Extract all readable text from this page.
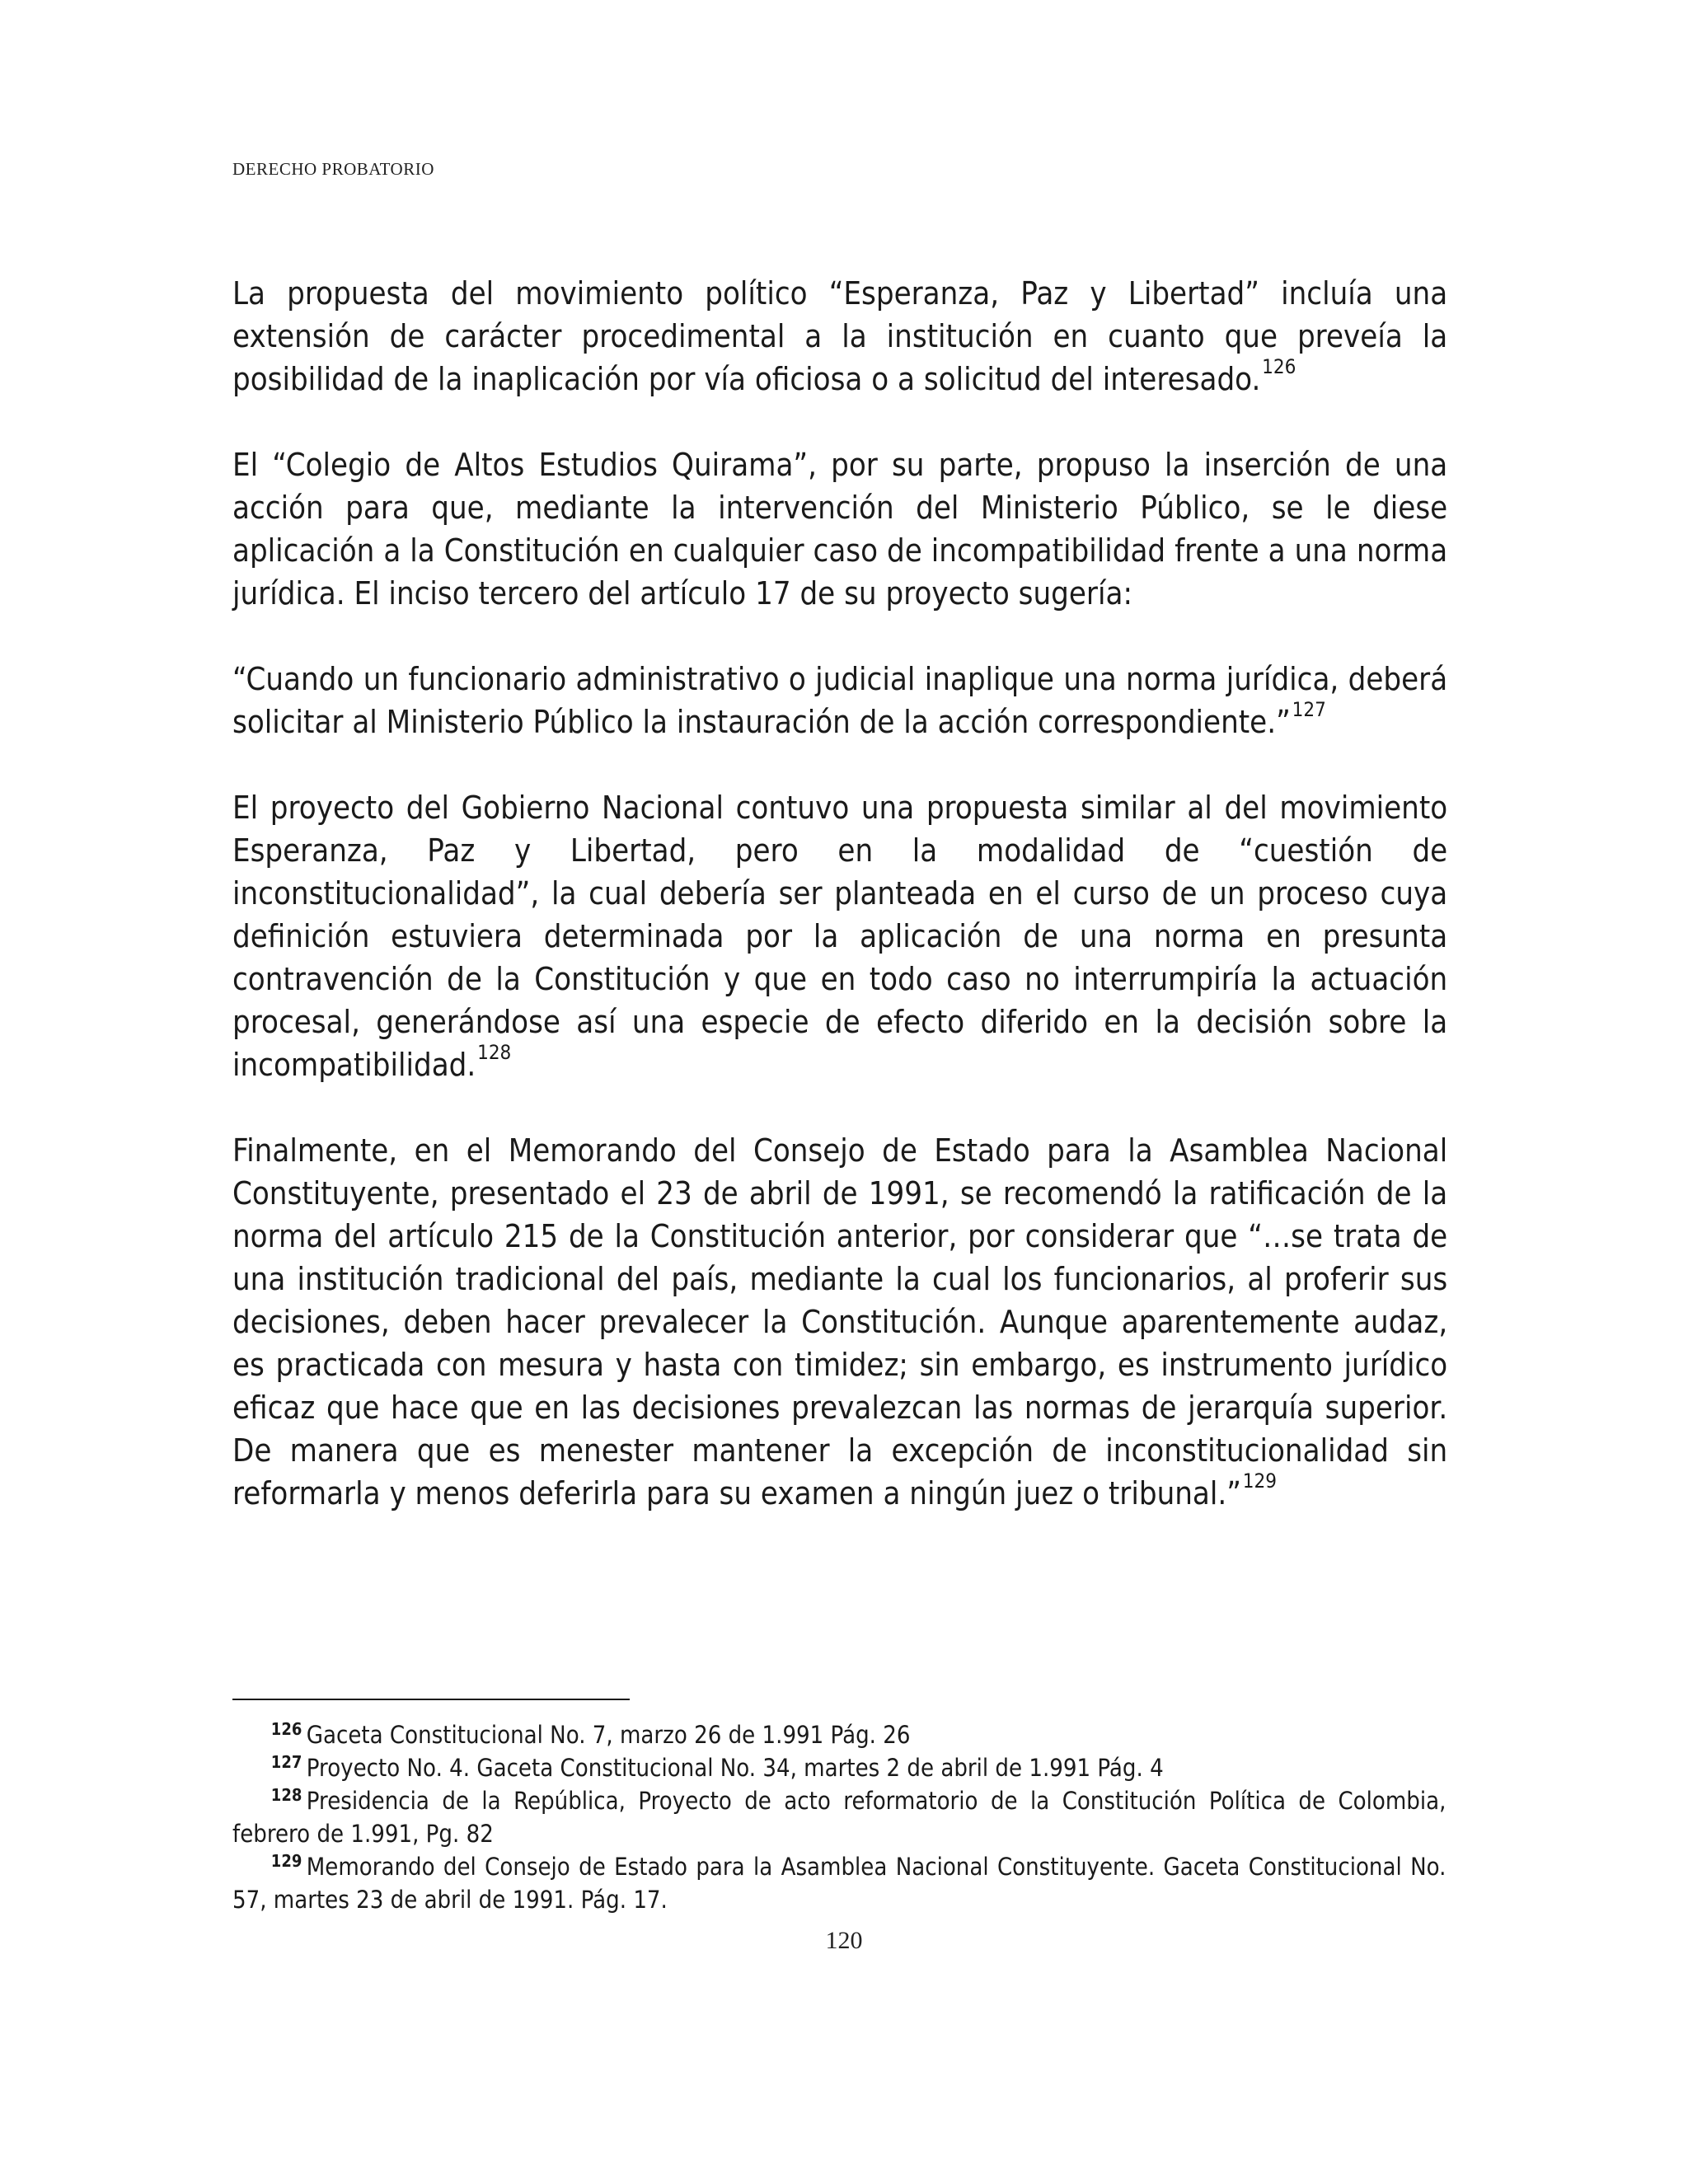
DERECHO PROBATORIO

La propuesta del movimiento político “Esperanza, Paz y Libertad” incluía una extensión de carácter procedimental a la institución en cuanto que preveía la posibilidad de la inaplicación por vía oficiosa o a solicitud del interesado.$^{126}$

El “Colegio de Altos Estudios Quirama”, por su parte, propuso la inserción de una acción para que, mediante la intervención del Ministerio Público, se le diese aplicación a la Constitución en cualquier caso de incompatibilidad frente a una norma jurídica. El inciso tercero del artículo 17 de su proyecto sugería:

“Cuando un funcionario administrativo o judicial inaplique una norma jurídica, deberá solicitar al Ministerio Público la instauración de la acción correspondiente.”$^{127}$

El proyecto del Gobierno Nacional contuvo una propuesta similar al del movimiento Esperanza, Paz y Libertad, pero en la modalidad de “cuestión de inconstitucionalidad”, la cual debería ser planteada en el curso de un proceso cuya definición estuviera determinada por la aplicación de una norma en presunta contravención de la Constitución y que en todo caso no interrumpiría la actuación procesal, generándose así una especie de efecto diferido en la decisión sobre la incompatibilidad.$^{128}$

Finalmente, en el Memorando del Consejo de Estado para la Asamblea Nacional Constituyente, presentado el 23 de abril de 1991, se recomendó la ratificación de la norma del artículo 215 de la Constitución anterior, por considerar que “…se trata de una institución tradicional del país, mediante la cual los funcionarios, al proferir sus decisiones, deben hacer prevalecer la Constitución. Aunque aparentemente audaz, es practicada con mesura y hasta con timidez; sin embargo, es instrumento jurídico eficaz que hace que en las decisiones prevalezcan las normas de jerarquía superior. De manera que es menester mantener la excepción de inconstitucionalidad sin reformarla y menos deferirla para su examen a ningún juez o tribunal.”$^{129}$

$^{126}$ Gaceta Constitucional No. 7, marzo 26 de 1.991 Pág. 26

$^{127}$ Proyecto No. 4. Gaceta Constitucional No. 34, martes 2 de abril de 1.991 Pág. 4

$^{128}$ Presidencia de la República, Proyecto de acto reformatorio de la Constitución Política de Colombia, febrero de 1.991, Pg. 82

$^{129}$ Memorando del Consejo de Estado para la Asamblea Nacional Constituyente. Gaceta Constitucional No. 57, martes 23 de abril de 1991. Pág. 17.

120
